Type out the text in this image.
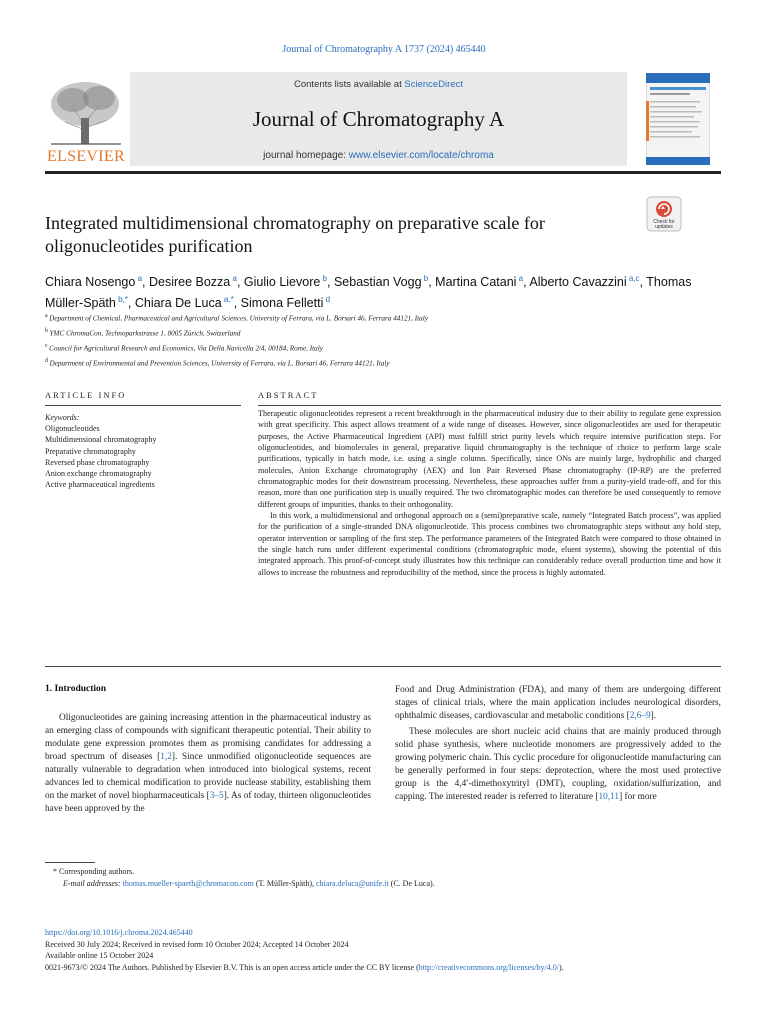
Journal of Chromatography A 1737 (2024) 465440
ELSEVIER
Contents lists available at ScienceDirect
Journal of Chromatography A
journal homepage: www.elsevier.com/locate/chroma
Integrated multidimensional chromatography on preparative scale for oligonucleotides purification
Check for
updates
Chiara Nosengo $^a$, Desiree Bozza $^a$, Giulio Lievore $^b$, Sebastian Vogg $^b$, Martina Catani $^a$, Alberto Cavazzini $^{a,c}$, Thomas Müller-Späth $^{b,*}$, Chiara De Luca $^{a,*}$, Simona Felletti $^d$
$^a$ Department of Chemical, Pharmaceutical and Agricultural Sciences, University of Ferrara, via L. Borsari 46, Ferrara 44121, Italy
$^b$ YMC ChromaCon, Technoparkstrasse 1, 8005 Zürich, Switzerland
$^c$ Council for Agricultural Research and Economics, Via Della Navicella 2/4, 00184, Rome, Italy
$^d$ Department of Environmental and Prevention Sciences, University of Ferrara, via L. Borsari 46, Ferrara 44121, Italy
ARTICLE INFO	ABSTRACT
Keywords:
Oligonucleotides
Multidimensional chromatography
Preparative chromatography
Reversed phase chromatography
Anion exchange chromatography
Active pharmaceutical ingredients

Therapeutic oligonucleotides represent a recent breakthrough in the pharmaceutical industry due to their ability to regulate gene expression with great specificity. This aspect allows treatment of a wide range of diseases. However, since oligonucleotides are used for therapeutic purposes, the Active Pharmaceutical Ingredient (API) must fulfill strict purity levels which require intensive purification steps. For oligonucleotides, and biomolecules in general, preparative liquid chromatography is the technique of choice to perform large scale purifications, typically in batch mode, i.e. using a single column. Specifically, since ONs are mainly large, hydrophilic and charged molecules, Anion Exchange chromatography (AEX) and Ion Pair Reversed Phase chromatography (IP-RP) are the preferred chromatographic modes for their downstream processing. Nevertheless, these approaches suffer from a purity-yield trade-off, and for this reason, more than one purification step is usually required. The two chromatographic modes can therefore be used consequently to remove different groups of impurities, thanks to their orthogonality.

In this work, a multidimensional and orthogonal approach on a (semi)preparative scale, namely “Integrated Batch process”, was applied for the purification of a single-stranded DNA oligonucleotide. This process combines two chromatographic steps without any hold step, operator intervention or sampling of the first step. The performance parameters of the Integrated Batch were compared to those obtained in the single batch runs under different experimental conditions (chromatographic mode, eluent systems), showing the potential of this integrated approach. This proof-of-concept study illustrates how this technique can considerably reduce overall production time and how it allows to increase the robustness and reproducibility of the method, since the process is highly automated.

1. Introduction

Oligonucleotides are gaining increasing attention in the pharmaceutical industry as an emerging class of compounds with significant therapeutic potential. Their ability to modulate gene expression promotes them as promising candidates for addressing a broad spectrum of diseases [1,2]. Since unmodified oligonucleotide sequences are naturally vulnerable to degradation when introduced into biological systems, recent advances led to chemical modification to provide nuclease stability, establishing them on the market of novel biopharmaceuticals [3–5]. As of today, thirteen oligonucleotides have been approved by the

Food and Drug Administration (FDA), and many of them are undergoing different stages of clinical trials, where the main application includes neurological disorders, ophthalmic diseases, cardiovascular and metabolic conditions [2,6–9].

These molecules are short nucleic acid chains that are mainly produced through solid phase synthesis, where nucleotide monomers are progressively added to the growing polymeric chain. This cyclic procedure for oligonucleotide manufacturing can be generally performed in four steps: deprotection, where the most used protective group is the 4,4′-dimethoxytrityl (DMT), coupling, oxidation/sulfurization, and capping. The interested reader is referred to literature [10,11] for more

* Corresponding authors.
E-mail addresses: thomas.mueller-spaeth@chromacon.com (T. Müller-Späth), chiara.deluca@unife.it (C. De Luca).
https://doi.org/10.1016/j.chroma.2024.465440
Received 30 July 2024; Received in revised form 10 October 2024; Accepted 14 October 2024
Available online 15 October 2024
0021-9673/© 2024 The Authors. Published by Elsevier B.V. This is an open access article under the CC BY license (http://creativecommons.org/licenses/by/4.0/).
